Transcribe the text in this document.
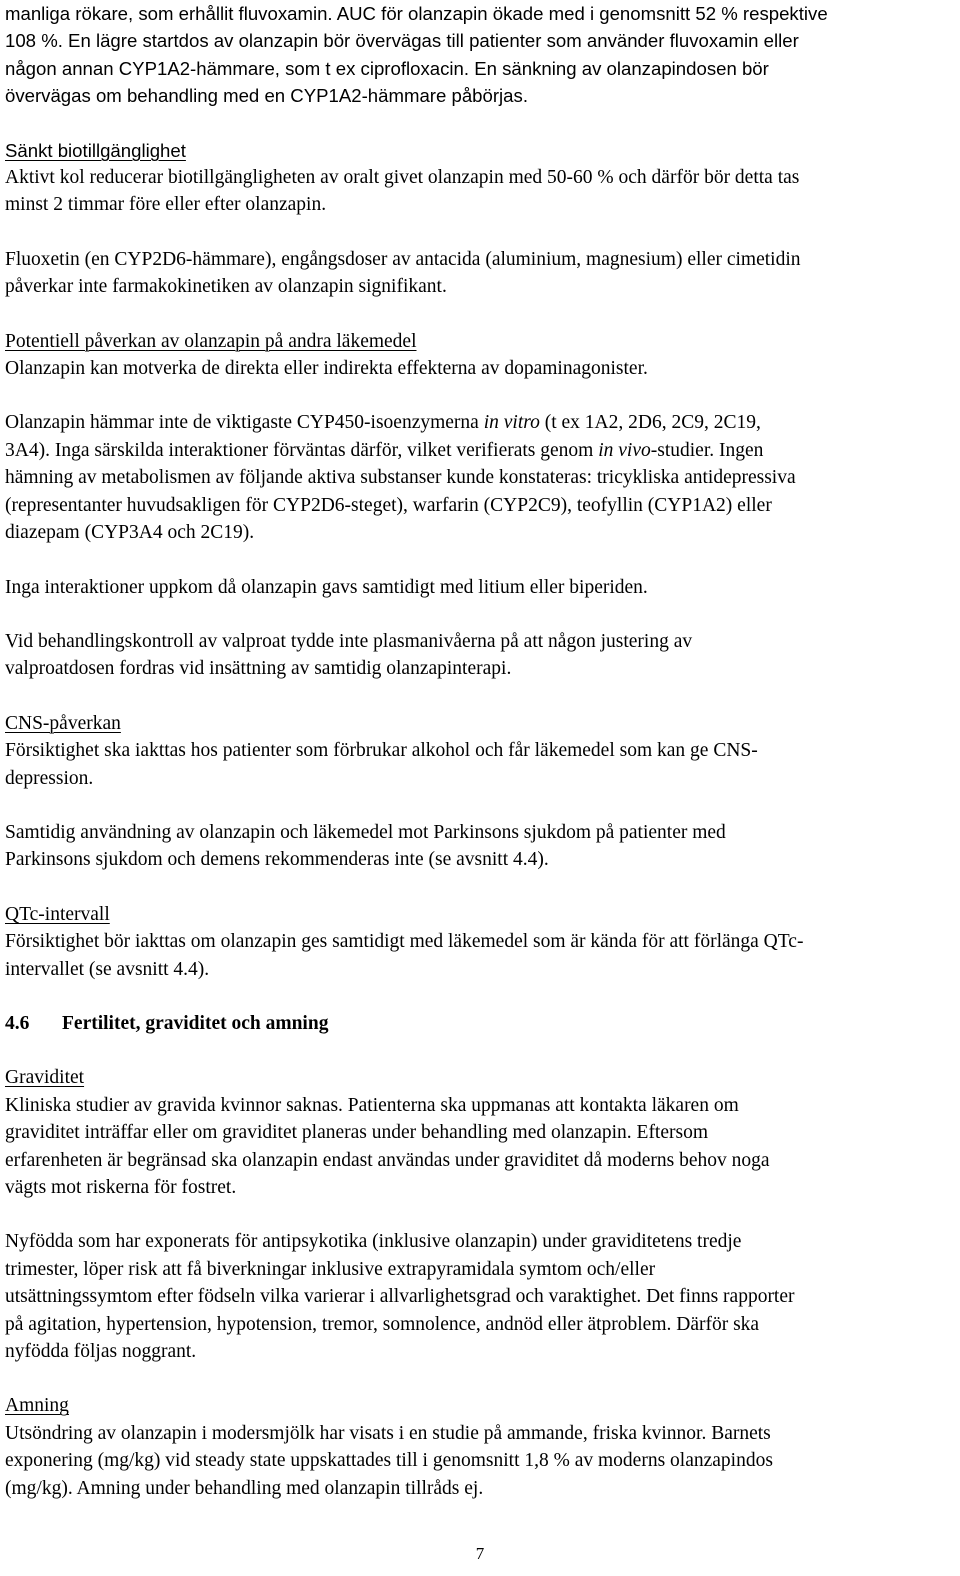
manliga rökare, som erhållit fluvoxamin. AUC för olanzapin ökade med i genomsnitt 52 % respektive
108 %. En lägre startdos av olanzapin bör övervägas till patienter som använder fluvoxamin eller
någon annan CYP1A2-hämmare, som t ex ciprofloxacin. En sänkning av olanzapindosen bör
övervägas om behandling med en CYP1A2-hämmare påbörjas.

Sänkt biotillgänglighet

Aktivt kol reducerar biotillgängligheten av oralt givet olanzapin med 50-60 % och därför bör detta tas
minst 2 timmar före eller efter olanzapin.

Fluoxetin (en CYP2D6-hämmare), engångsdoser av antacida (aluminium, magnesium) eller cimetidin
påverkar inte farmakokinetiken av olanzapin signifikant.

Potentiell påverkan av olanzapin på andra läkemedel

Olanzapin kan motverka de direkta eller indirekta effekterna av dopaminagonister.

Olanzapin hämmar inte de viktigaste CYP450-isoenzymerna in vitro (t ex 1A2, 2D6, 2C9, 2C19,
3A4). Inga särskilda interaktioner förväntas därför, vilket verifierats genom in vivo-studier. Ingen
hämning av metabolismen av följande aktiva substanser kunde konstateras: tricykliska antidepressiva
(representanter huvudsakligen för CYP2D6-steget), warfarin (CYP2C9), teofyllin (CYP1A2) eller
diazepam (CYP3A4 och 2C19).

Inga interaktioner uppkom då olanzapin gavs samtidigt med litium eller biperiden.

Vid behandlingskontroll av valproat tydde inte plasmanivåerna på att någon justering av
valproatdosen fordras vid insättning av samtidig olanzapinterapi.

CNS-påverkan

Försiktighet ska iakttas hos patienter som förbrukar alkohol och får läkemedel som kan ge CNS-
depression.

Samtidig användning av olanzapin och läkemedel mot Parkinsons sjukdom på patienter med
Parkinsons sjukdom och demens rekommenderas inte (se avsnitt 4.4).

QTc-intervall

Försiktighet bör iakttas om olanzapin ges samtidigt med läkemedel som är kända för att förlänga QTc-
intervallet (se avsnitt 4.4).

4.6	Fertilitet, graviditet och amning

Graviditet

Kliniska studier av gravida kvinnor saknas. Patienterna ska uppmanas att kontakta läkaren om
graviditet inträffar eller om graviditet planeras under behandling med olanzapin. Eftersom
erfarenheten är begränsad ska olanzapin endast användas under graviditet då moderns behov noga
vägts mot riskerna för fostret.

Nyfödda som har exponerats för antipsykotika (inklusive olanzapin) under graviditetens tredje
trimester, löper risk att få biverkningar inklusive extrapyramidala symtom och/eller
utsättningssymtom efter födseln vilka varierar i allvarlighetsgrad och varaktighet. Det finns rapporter
på agitation, hypertension, hypotension, tremor, somnolence, andnöd eller ätproblem. Därför ska
nyfödda följas noggrant.

Amning

Utsöndring av olanzapin i modersmjölk har visats i en studie på ammande, friska kvinnor. Barnets
exponering (mg/kg) vid steady state uppskattades till i genomsnitt 1,8 % av moderns olanzapindos
(mg/kg). Amning under behandling med olanzapin tillråds ej.

7
